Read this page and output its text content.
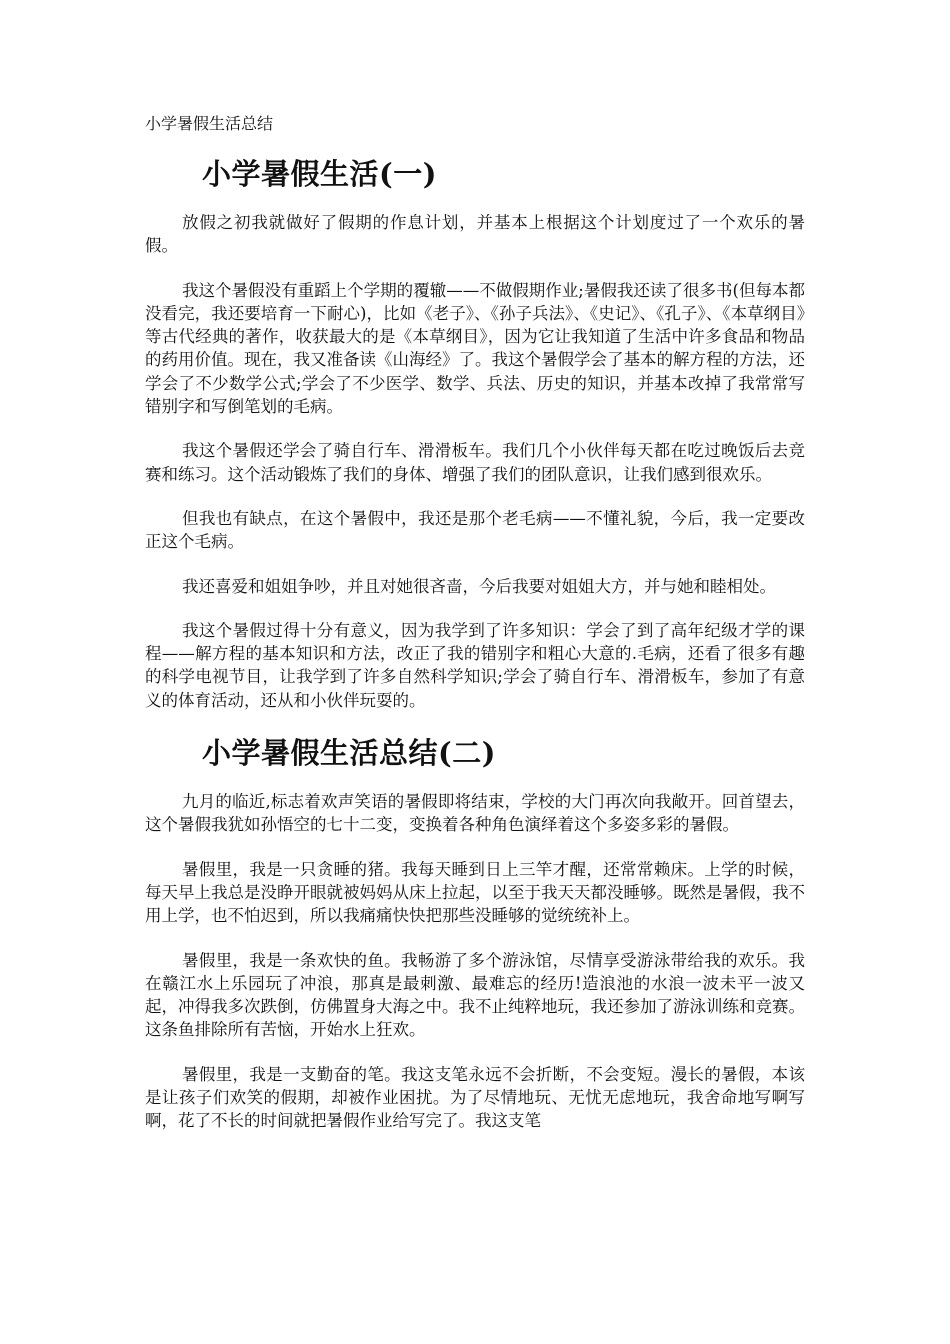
小学暑假生活总结
小学暑假生活(一)

放假之初我就做好了假期的作息计划，并基本上根据这个计划度过了一个欢乐的暑假。

我这个暑假没有重蹈上个学期的覆辙——不做假期作业;暑假我还读了很多书(但每本都没看完，我还要培育一下耐心)，比如《老子》、《孙子兵法》、《史记》、《孔子》、《本草纲目》等古代经典的著作，收获最大的是《本草纲目》，因为它让我知道了生活中许多食品和物品的药用价值。现在，我又准备读《山海经》了。我这个暑假学会了基本的解方程的方法，还学会了不少数学公式;学会了不少医学、数学、兵法、历史的知识，并基本改掉了我常常写错别字和写倒笔划的毛病。

我这个暑假还学会了骑自行车、滑滑板车。我们几个小伙伴每天都在吃过晚饭后去竞赛和练习。这个活动锻炼了我们的身体、增强了我们的团队意识，让我们感到很欢乐。

但我也有缺点，在这个暑假中，我还是那个老毛病——不懂礼貌，今后，我一定要改正这个毛病。

我还喜爱和姐姐争吵，并且对她很吝啬，今后我要对姐姐大方，并与她和睦相处。

我这个暑假过得十分有意义，因为我学到了许多知识：学会了到了高年纪级才学的课程——解方程的基本知识和方法，改正了我的错别字和粗心大意的.毛病，还看了很多有趣的科学电视节目，让我学到了许多自然科学知识;学会了骑自行车、滑滑板车，参加了有意义的体育活动，还从和小伙伴玩耍的。

小学暑假生活总结(二)

九月的临近,标志着欢声笑语的暑假即将结束，学校的大门再次向我敞开。回首望去，这个暑假我犹如孙悟空的七十二变，变换着各种角色演绎着这个多姿多彩的暑假。

暑假里，我是一只贪睡的猪。我每天睡到日上三竿才醒，还常常赖床。上学的时候，每天早上我总是没睁开眼就被妈妈从床上拉起，以至于我天天都没睡够。既然是暑假，我不用上学，也不怕迟到，所以我痛痛快快把那些没睡够的觉统统补上。

暑假里，我是一条欢快的鱼。我畅游了多个游泳馆，尽情享受游泳带给我的欢乐。我在赣江水上乐园玩了冲浪，那真是最刺激、最难忘的经历!造浪池的水浪一波未平一波又起，冲得我多次跌倒，仿佛置身大海之中。我不止纯粹地玩，我还参加了游泳训练和竞赛。这条鱼排除所有苦恼，开始水上狂欢。

暑假里，我是一支勤奋的笔。我这支笔永远不会折断，不会变短。漫长的暑假，本该是让孩子们欢笑的假期，却被作业困扰。为了尽情地玩、无忧无虑地玩，我舍命地写啊写啊，花了不长的时间就把暑假作业给写完了。我这支笔
